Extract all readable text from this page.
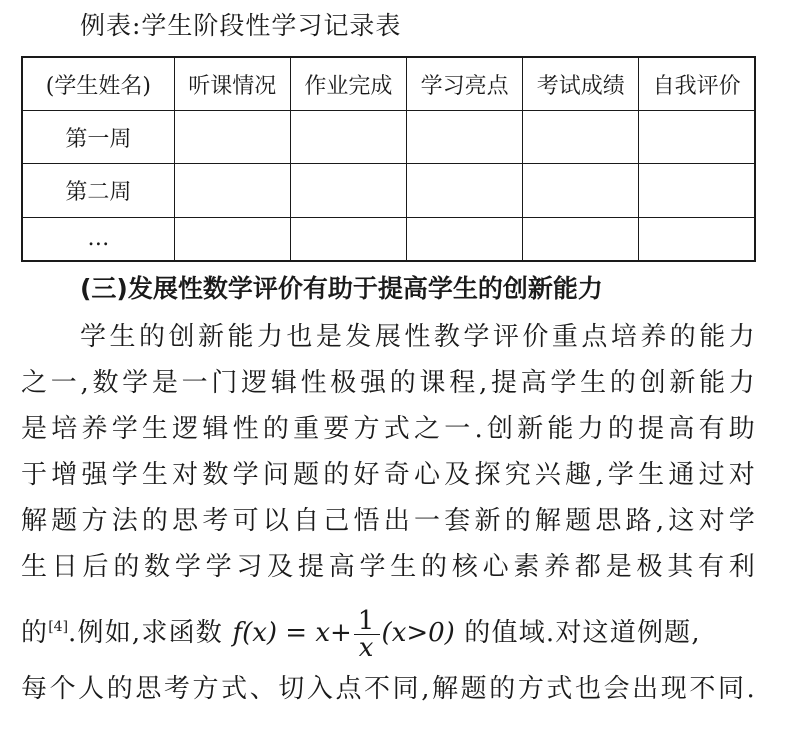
例表:学生阶段性学习记录表
(学生姓名)	听课情况	作业完成	学习亮点	考试成绩	自我评价
第一周					
第二周					
…					
(三)发展性数学评价有助于提高学生的创新能力
学生的创新能力也是发展性教学评价重点培养的能力
之一,数学是一门逻辑性极强的课程,提高学生的创新能力
是培养学生逻辑性的重要方式之一.创新能力的提高有助
于增强学生对数学问题的好奇心及探究兴趣,学生通过对
解题方法的思考可以自己悟出一套新的解题思路,这对学
生日后的数学学习及提高学生的核心素养都是极其有利
的[4].例如,求函数 $f(x) = x+ \frac{1}{x} (x>0)$ 的值域.对这道例题,
每个人的思考方式、切入点不同,解题的方式也会出现不同.
